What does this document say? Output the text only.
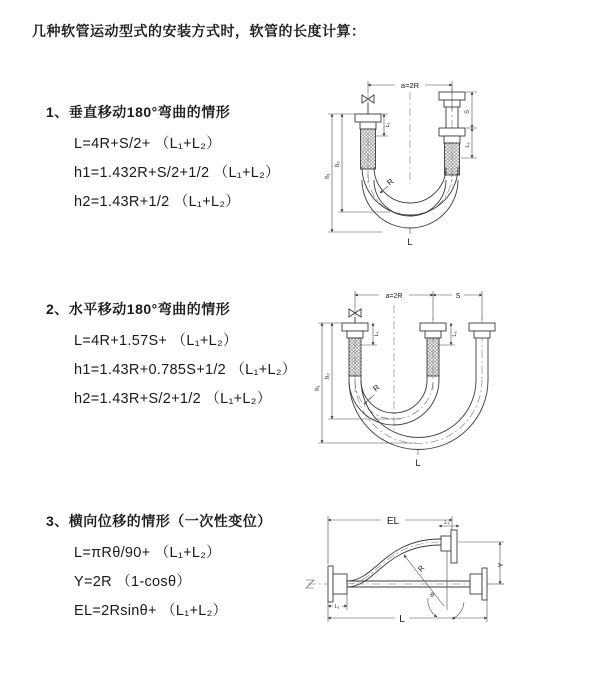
几种软管运动型式的安装方式时，软管的长度计算：
1、垂直移动180°弯曲的情形
L=4R+S/2+ （L₁+L₂）
h1=1.432R+S/2+1/2 （L₁+L₂）
h2=1.43R+1/2 （L₁+L₂）
2、水平移动180°弯曲的情形
L=4R+1.57S+ （L₁+L₂）
h1=1.43R+0.785S+1/2 （L₁+L₂）
h2=1.43R+S/2+1/2 （L₁+L₂）
3、横向位移的情形（一次性变位）
L=πRθ/90+ （L₁+L₂）
Y=2R （1-cosθ）
EL=2Rsinθ+ （L₁+L₂）
a=2R
S
L₂
L₁
h₁
h₂
R
L
a=2R	S
h₁
h₂
L₁	L₂
R
L
EL	L₂
Y
R
θ
L
L₁
